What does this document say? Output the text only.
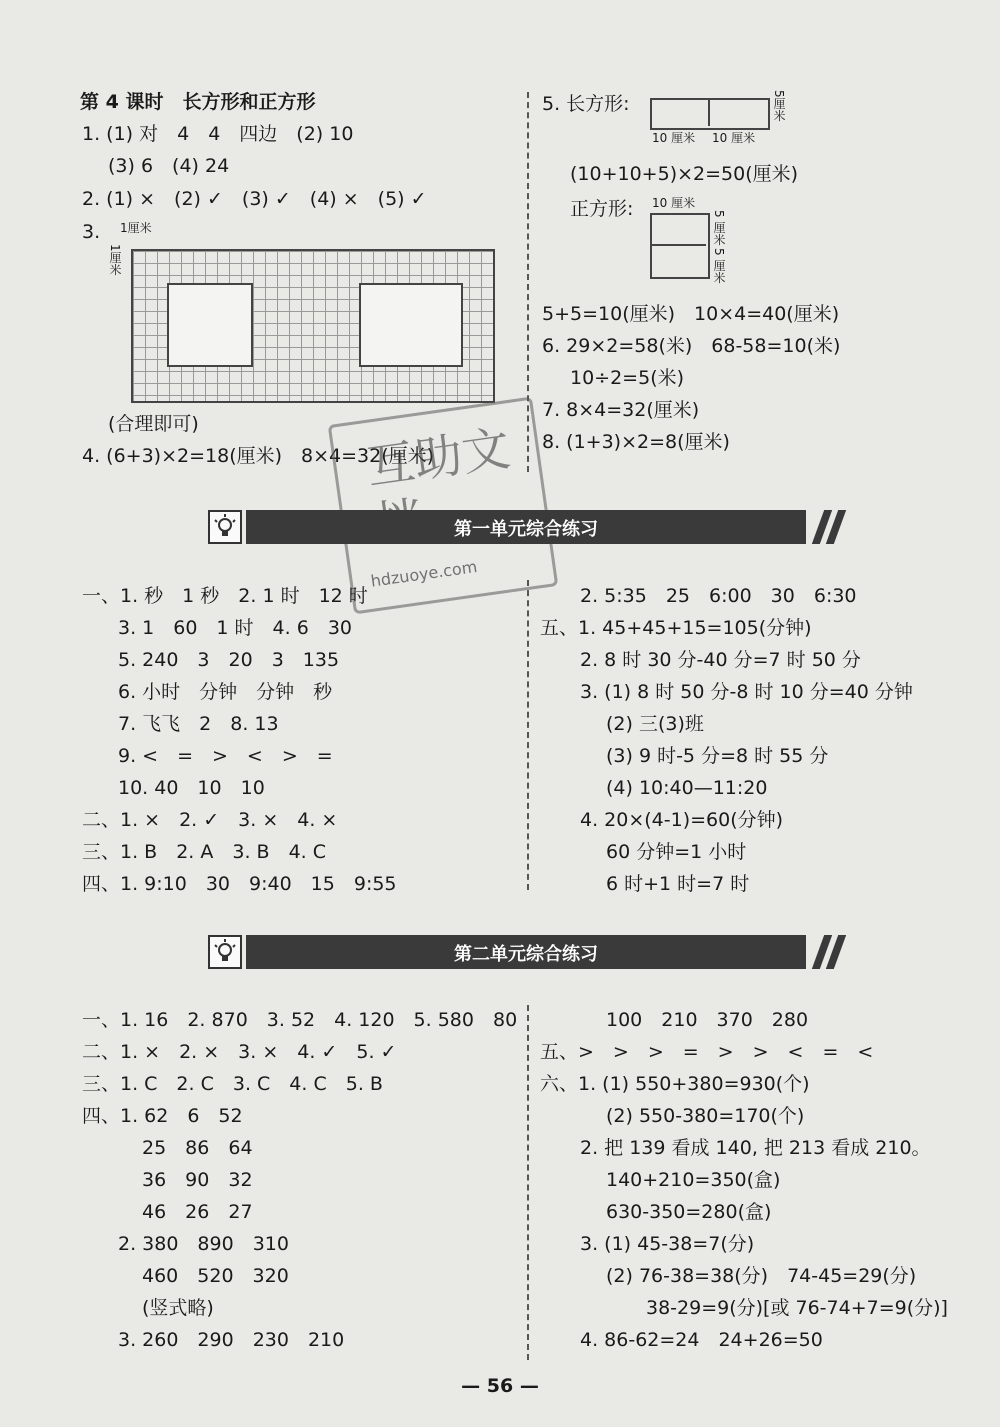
第 4 课时　长方形和正方形
1. (1) 对　4　4　四边　(2) 10
(3) 6　(4) 24
2. (1) ×　(2) ✓　(3) ✓　(4) ×　(5) ✓
3. 1厘米
1厘米
(合理即可)
4. (6+3)×2=18(厘米)　8×4=32(厘米)
5. 长方形:
10 厘米 10 厘米
5厘米
(10+10+5)×2=50(厘米)
正方形: 10 厘米
5 厘米
5 厘米
5+5=10(厘米)　10×4=40(厘米)
6. 29×2=58(米)　68-58=10(米)
10÷2=5(米)
7. 8×4=32(厘米)
8. (1+3)×2=8(厘米)
互助文档
hdzuoye.com
第一单元综合练习
一、1. 秒　1 秒　2. 1 时　12 时
3. 1　60　1 时　4. 6　30
5. 240　3　20　3　135
6. 小时　分钟　分钟　秒
7. 飞飞　2　8. 13
9. <　=　>　<　>　=
10. 40　10　10
二、1. ×　2. ✓　3. ×　4. ×
三、1. B　2. A　3. B　4. C
四、1. 9:10　30　9:40　15　9:55
2. 5:35　25　6:00　30　6:30
五、1. 45+45+15=105(分钟)
2. 8 时 30 分-40 分=7 时 50 分
3. (1) 8 时 50 分-8 时 10 分=40 分钟
(2) 三(3)班
(3) 9 时-5 分=8 时 55 分
(4) 10:40—11:20
4. 20×(4-1)=60(分钟)
60 分钟=1 小时
6 时+1 时=7 时
第二单元综合练习
一、1. 16　2. 870　3. 52　4. 120　5. 580　80
二、1. ×　2. ×　3. ×　4. ✓　5. ✓
三、1. C　2. C　3. C　4. C　5. B
四、1. 62　6　52
25　86　64
36　90　32
46　26　27
2. 380　890　310
460　520　320
(竖式略)
3. 260　290　230　210
100　210　370　280
五、>　>　>　=　>　>　<　=　<
六、1. (1) 550+380=930(个)
(2) 550-380=170(个)
2. 把 139 看成 140, 把 213 看成 210。
140+210=350(盒)
630-350=280(盒)
3. (1) 45-38=7(分)
(2) 76-38=38(分)　74-45=29(分)
38-29=9(分)[或 76-74+7=9(分)]
4. 86-62=24　24+26=50
— 56 —
